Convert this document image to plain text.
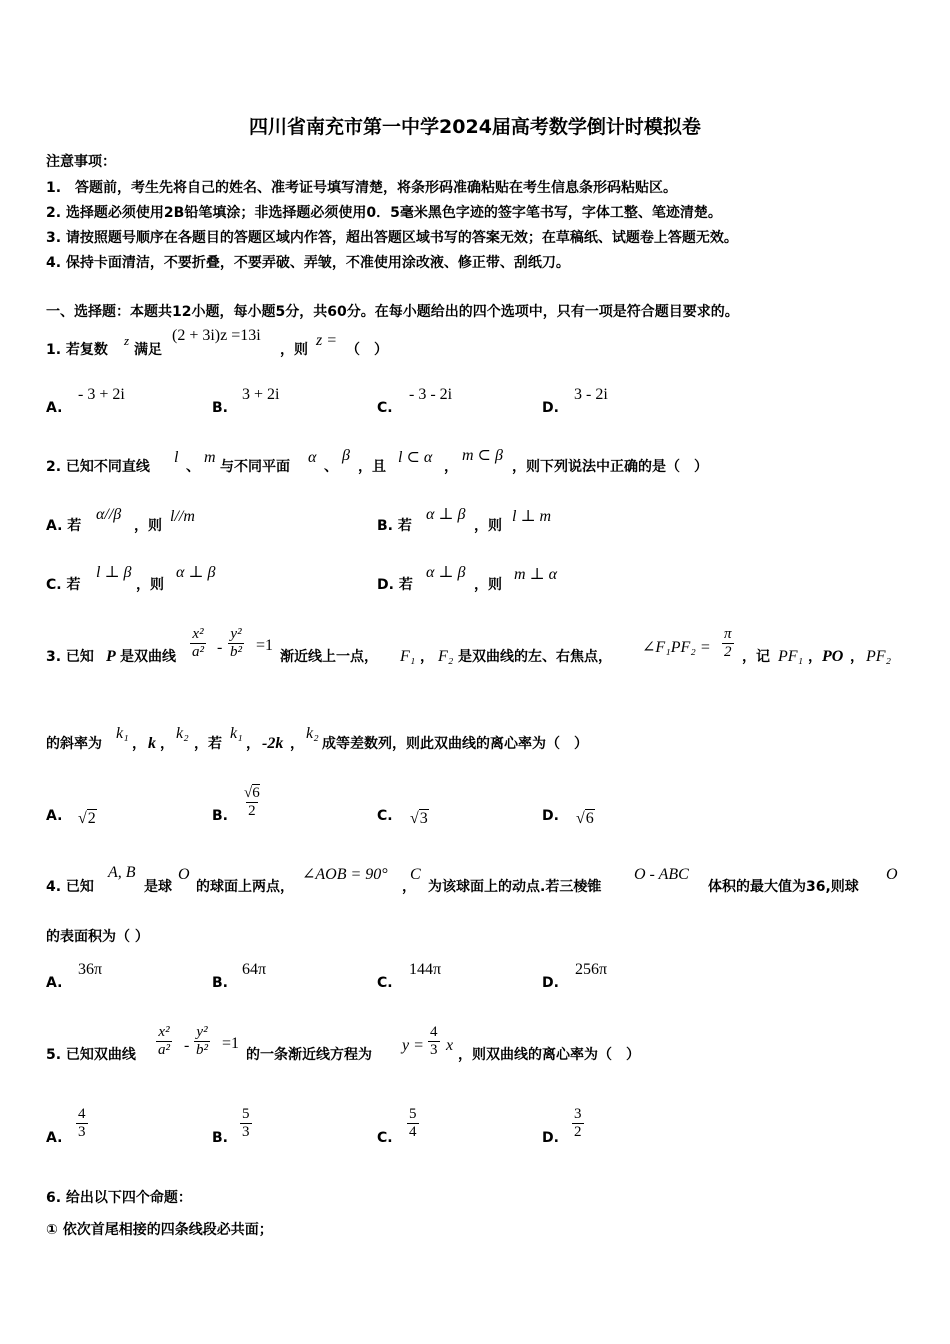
四川省南充市第一中学2024届高考数学倒计时模拟卷
注意事项：
1.　答题前，考生先将自己的姓名、准考证号填写清楚，将条形码准确粘贴在考生信息条形码粘贴区。
2. 选择题必须使用2B铅笔填涂；非选择题必须使用0．5毫米黑色字迹的签字笔书写，字体工整、笔迹清楚。
3. 请按照题号顺序在各题目的答题区域内作答，超出答题区域书写的答案无效；在草稿纸、试题卷上答题无效。
4. 保持卡面清洁，不要折叠，不要弄破、弄皱，不准使用涂改液、修正带、刮纸刀。
一、选择题：本题共12小题，每小题5分，共60分。在每小题给出的四个选项中，只有一项是符合题目要求的。
1. 若复数
z
满足
(2 + 3i)z =13i
，则
z =
（　）
A.
- 3 + 2i
B.
3 + 2i
C.
- 3 - 2i
D.
3 - 2i
2. 已知不同直线
l
、
m
与不同平面
α
、
β
，且
l ⊂ α
，
m ⊂ β
，则下列说法中正确的是（　）
A. 若
α//β
，则
l//m
B. 若
α ⊥ β
，则
l ⊥ m
C. 若
l ⊥ β
，则
α ⊥ β
D. 若
α ⊥ β
，则
m ⊥ α
3. 已知 P 是双曲线 $\frac{\text{x²}}{\text{a²}} - \frac{\text{y²}}{\text{b²}} =1$
渐近线上一点， F₁ ， F₂ 是双曲线的左、右焦点，
∠F₁PF₂ = $\frac{\pi}{2}$ ，记 PF₁ ， PO ， PF₂
的斜率为
k₁
， k ，
k₂
，若
k₁
， -2k ，
k₂
成等差数列，则此双曲线的离心率为（　）
A. √2	B. $\frac{√6}{2}$	C. √3	D. √6
4. 已知
A, B
是球
O
的球面上两点，
∠AOB = 90°
，
C
为该球面上的动点.若三棱锥
O - ABC
体积的最大值为36,则球
O
的表面积为（ ）
A.
36π
B.
64π
C.
144π
D.
256π
5. 已知双曲线 $\frac{\text{x²}}{\text{a²}} - \frac{\text{y²}}{\text{b²}} =1$
的一条渐近线方程为
$y = \frac{4}{3}$ x
，则双曲线的离心率为（　）
A. $\frac{4}{3}$	B. $\frac{5}{3}$	C. $\frac{5}{4}$	D. $\frac{3}{2}$
6. 给出以下四个命题：
① 依次首尾相接的四条线段必共面；
